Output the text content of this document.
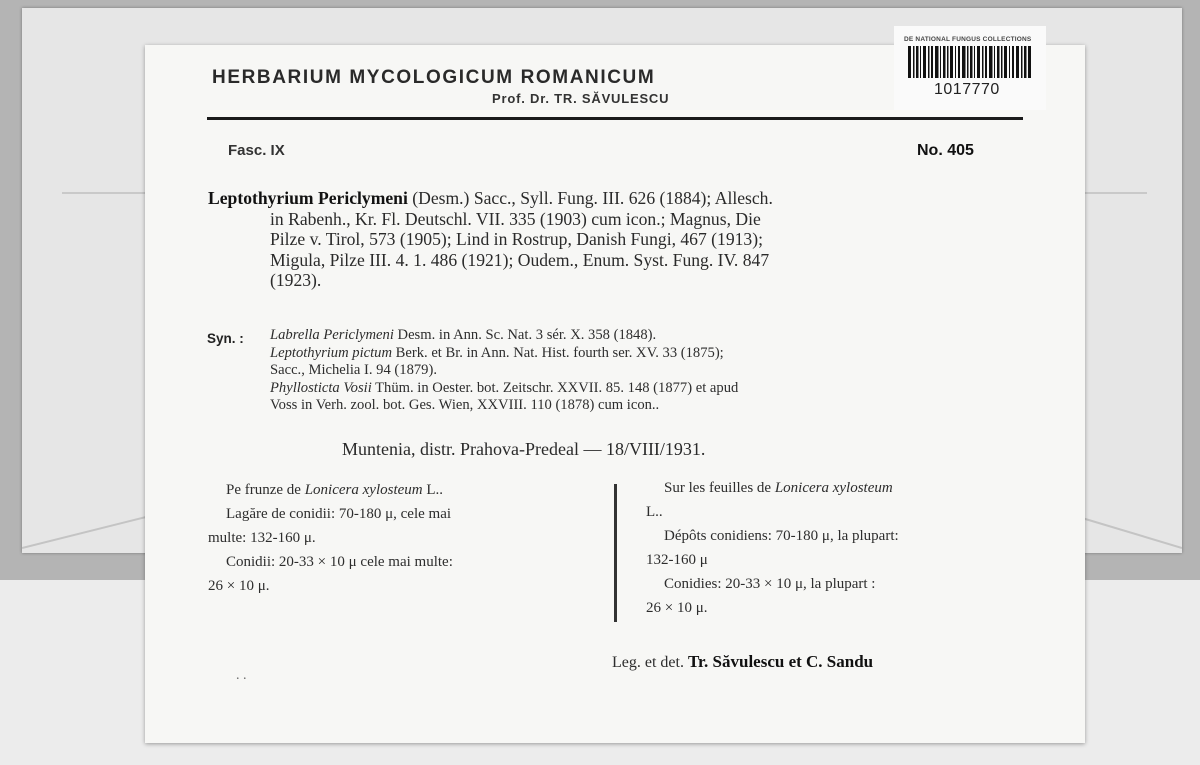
DE NATIONAL FUNGUS COLLECTIONS
1017770
HERBARIUM MYCOLOGICUM ROMANICUM
Prof. Dr. TR. SĂVULESCU
Fasc. IX	No. 405
Leptothyrium Periclymeni (Desm.) Sacc., Syll. Fung. III. 626 (1884); Allesch.
in Rabenh., Kr. Fl. Deutschl. VII. 335 (1903) cum icon.; Magnus, Die
Pilze v. Tirol, 573 (1905); Lind in Rostrup, Danish Fungi, 467 (1913);
Migula, Pilze III. 4. 1. 486 (1921); Oudem., Enum. Syst. Fung. IV. 847
(1923).
Syn. : Labrella Periclymeni Desm. in Ann. Sc. Nat. 3 sér. X. 358 (1848).
Leptothyrium pictum Berk. et Br. in Ann. Nat. Hist. fourth ser. XV. 33 (1875);
Sacc., Michelia I. 94 (1879).
Phyllosticta Vosii Thüm. in Oester. bot. Zeitschr. XXVII. 85. 148 (1877) et apud
Voss in Verh. zool. bot. Ges. Wien, XXVIII. 110 (1878) cum icon..
Muntenia, distr. Prahova-Predeal — 18/VIII/1931.
Pe frunze de Lonicera xylosteum L..
Lagăre de conidii: 70-180 μ, cele mai
multe: 132-160 μ.
Conidii: 20-33 × 10 μ cele mai multe:
26 × 10 μ.
Sur les feuilles de Lonicera xylosteum
L..
Dépôts conidiens: 70-180 μ, la plupart:
132-160 μ
Conidies: 20-33 × 10 μ, la plupart :
26 × 10 μ.
Leg. et det. Tr. Săvulescu et C. Sandu
. .
